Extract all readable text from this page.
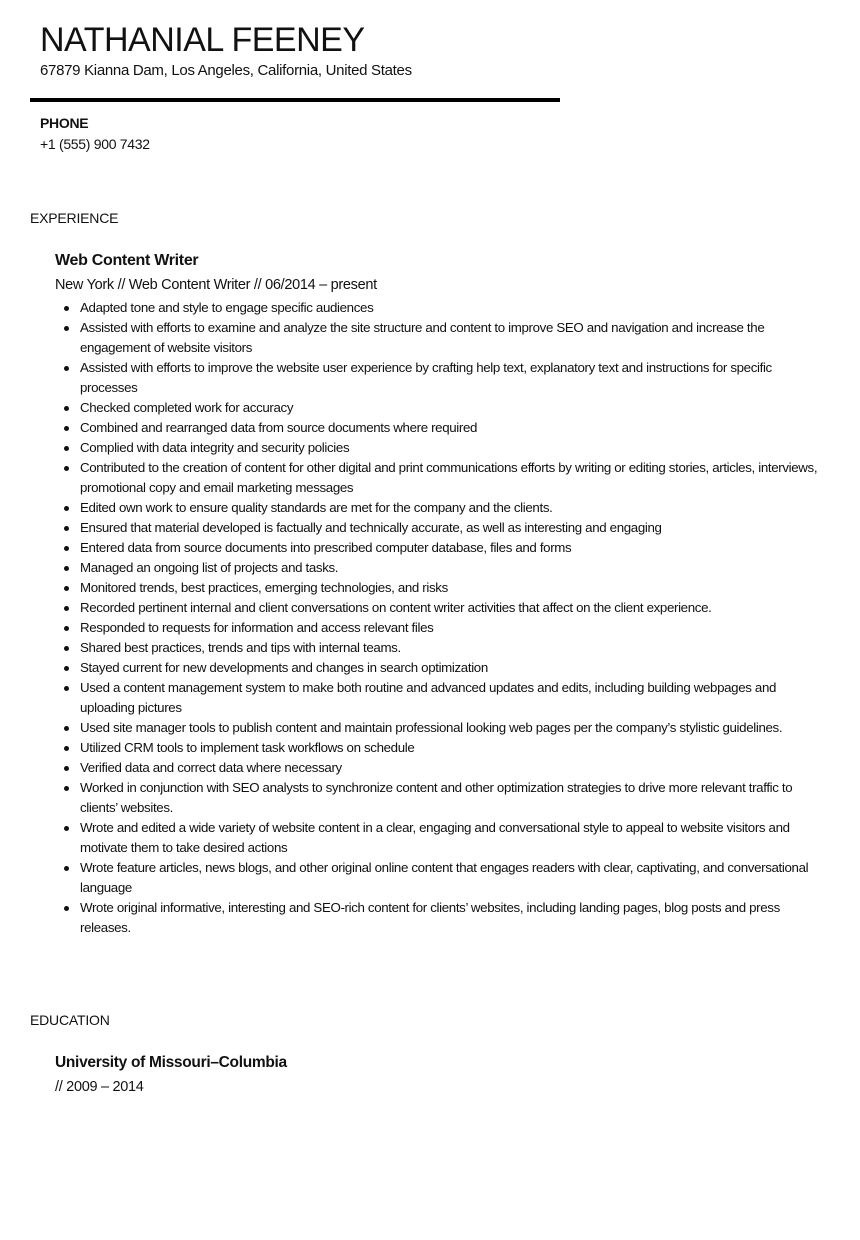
NATHANIAL FEENEY
67879 Kianna Dam, Los Angeles, California, United States
PHONE
+1 (555) 900 7432
EXPERIENCE
Web Content Writer
New York // Web Content Writer // 06/2014 – present
Adapted tone and style to engage specific audiences
Assisted with efforts to examine and analyze the site structure and content to improve SEO and navigation and increase the engagement of website visitors
Assisted with efforts to improve the website user experience by crafting help text, explanatory text and instructions for specific processes
Checked completed work for accuracy
Combined and rearranged data from source documents where required
Complied with data integrity and security policies
Contributed to the creation of content for other digital and print communications efforts by writing or editing stories, articles, interviews, promotional copy and email marketing messages
Edited own work to ensure quality standards are met for the company and the clients.
Ensured that material developed is factually and technically accurate, as well as interesting and engaging
Entered data from source documents into prescribed computer database, files and forms
Managed an ongoing list of projects and tasks.
Monitored trends, best practices, emerging technologies, and risks
Recorded pertinent internal and client conversations on content writer activities that affect on the client experience.
Responded to requests for information and access relevant files
Shared best practices, trends and tips with internal teams.
Stayed current for new developments and changes in search optimization
Used a content management system to make both routine and advanced updates and edits, including building webpages and uploading pictures
Used site manager tools to publish content and maintain professional looking web pages per the company’s stylistic guidelines.
Utilized CRM tools to implement task workflows on schedule
Verified data and correct data where necessary
Worked in conjunction with SEO analysts to synchronize content and other optimization strategies to drive more relevant traffic to clients’ websites.
Wrote and edited a wide variety of website content in a clear, engaging and conversational style to appeal to website visitors and motivate them to take desired actions
Wrote feature articles, news blogs, and other original online content that engages readers with clear, captivating, and conversational language
Wrote original informative, interesting and SEO-rich content for clients’ websites, including landing pages, blog posts and press releases.
EDUCATION
University of Missouri–Columbia
// 2009 – 2014
